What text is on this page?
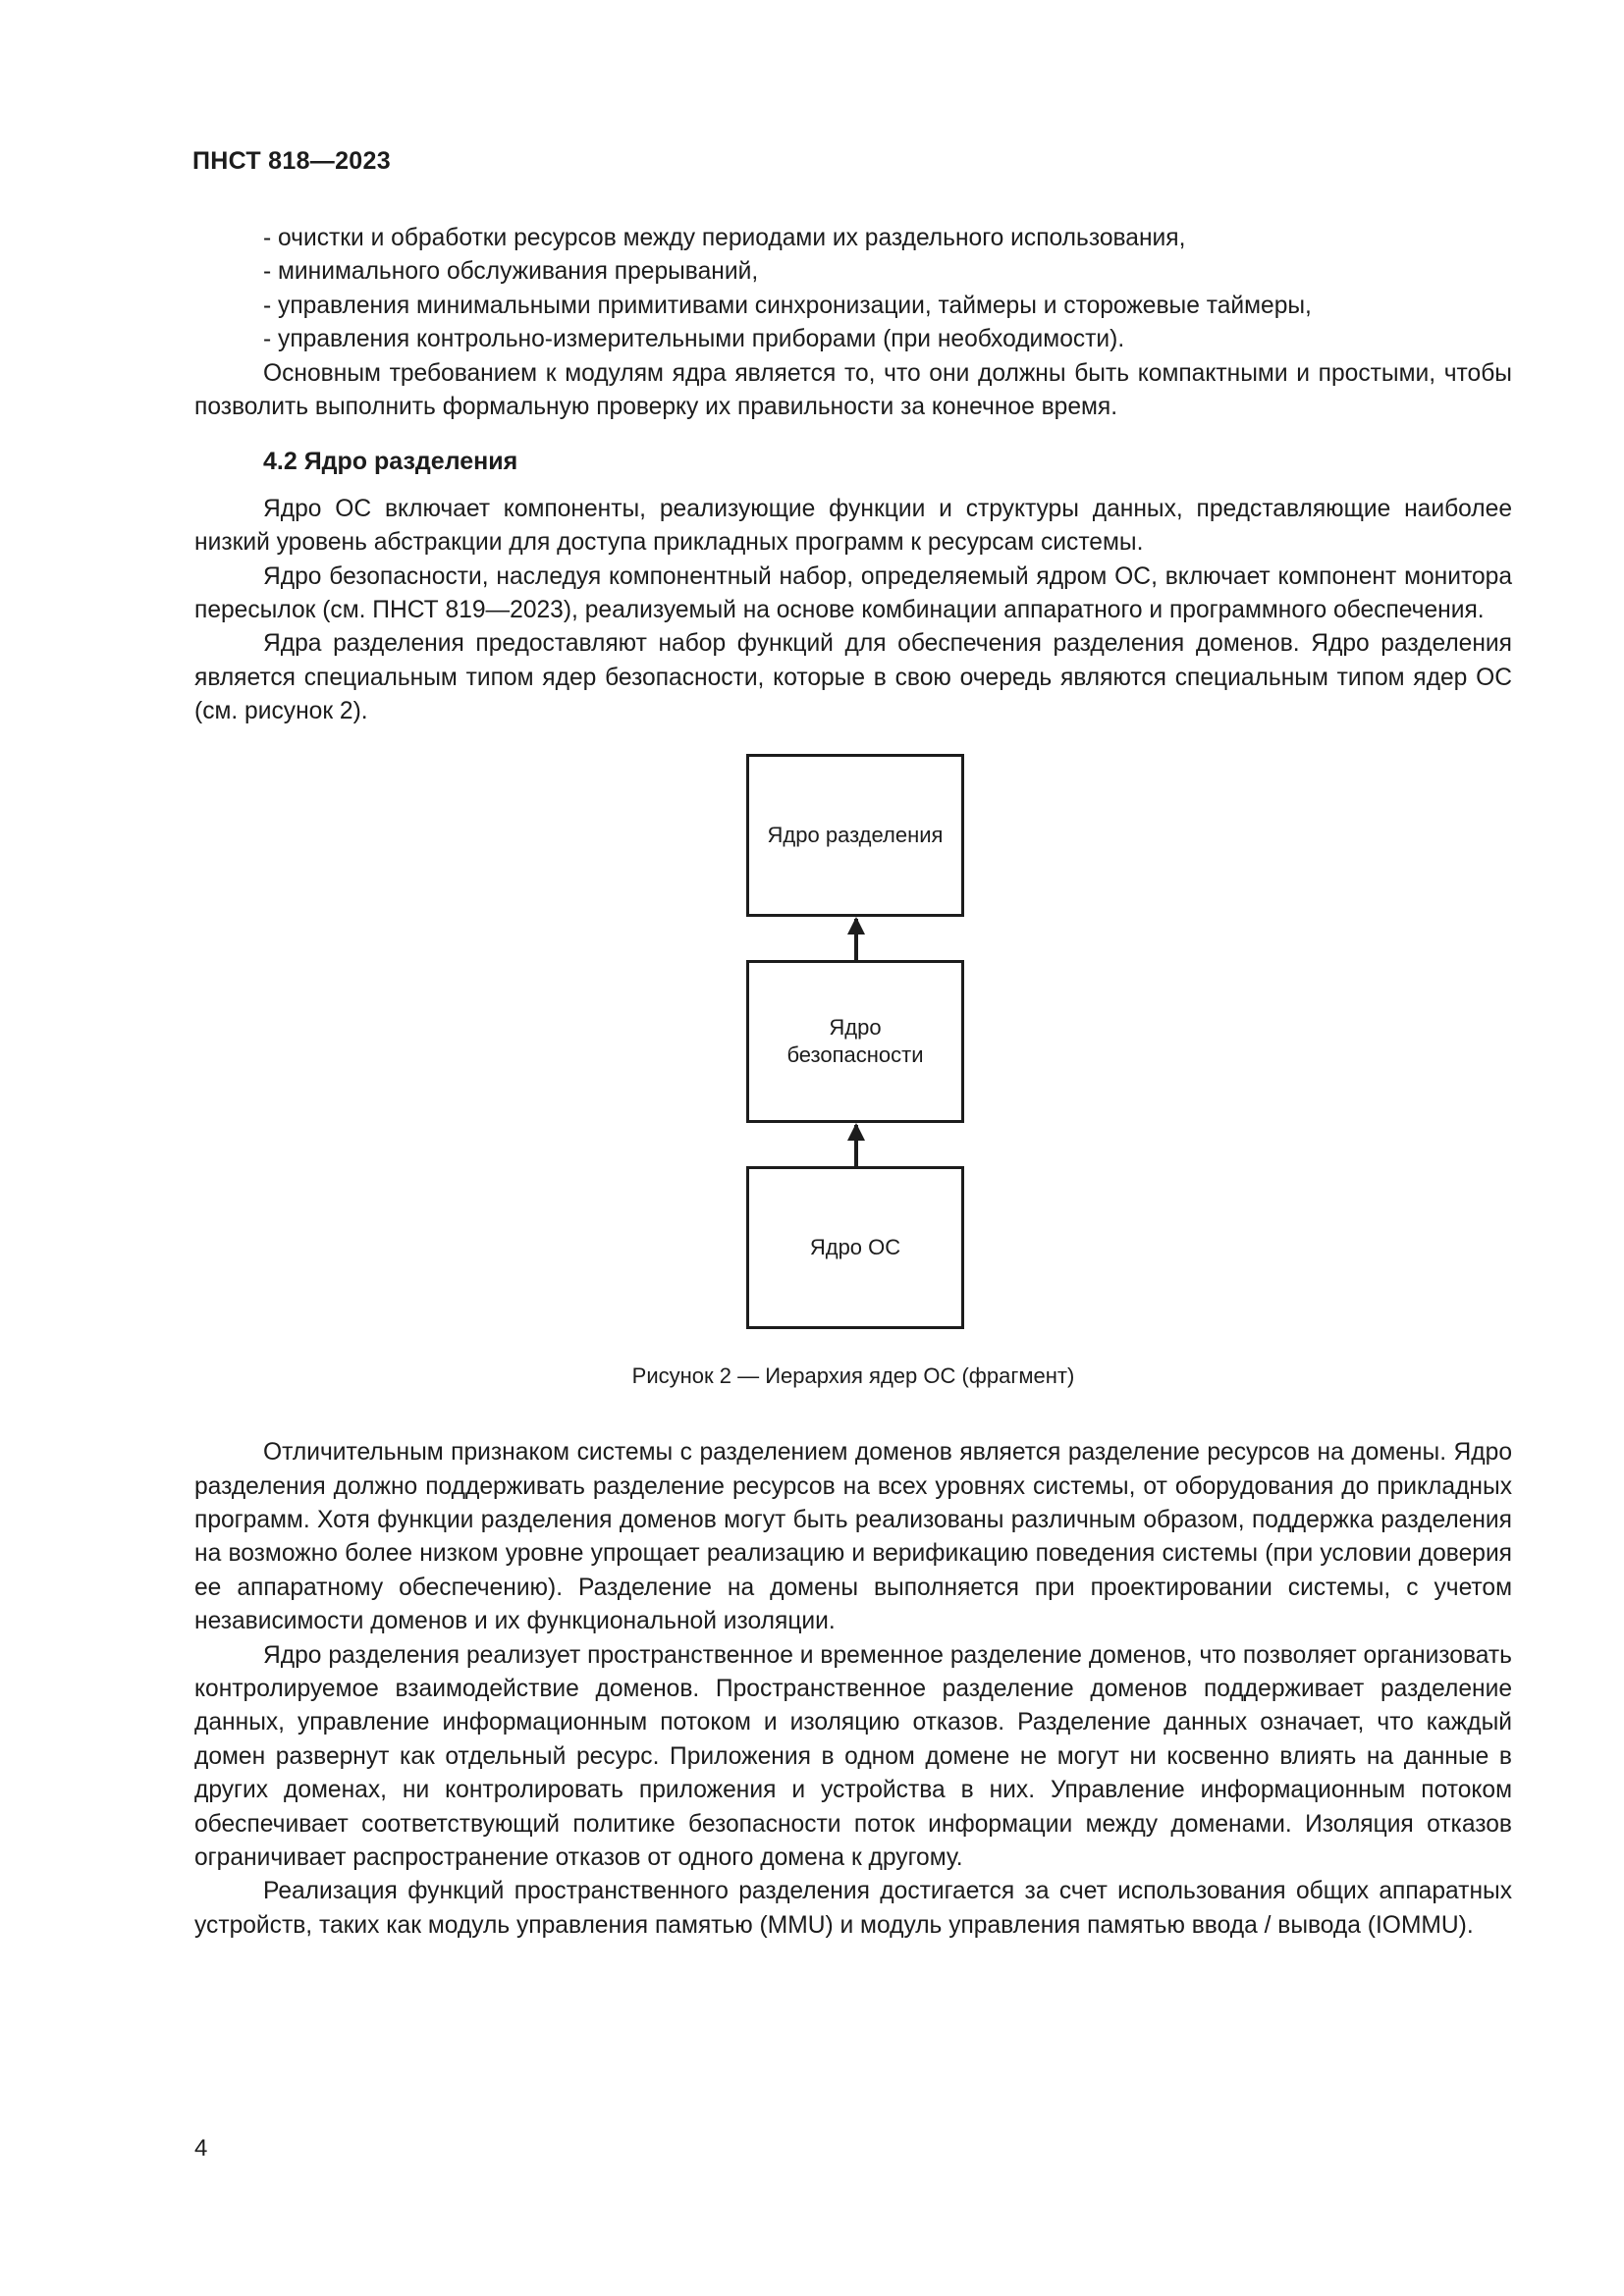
ПНСТ 818—2023

- очистки и обработки ресурсов между периодами их раздельного использования,

- минимального обслуживания прерываний,

- управления минимальными примитивами синхронизации, таймеры и сторожевые таймеры,

- управления контрольно-измерительными приборами (при необходимости).

Основным требованием к модулям ядра является то, что они должны быть компактными и простыми, чтобы позволить выполнить формальную проверку их правильности за конечное время.

4.2 Ядро разделения

Ядро ОС включает компоненты, реализующие функции и структуры данных, представляющие наиболее низкий уровень абстракции для доступа прикладных программ к ресурсам системы.

Ядро безопасности, наследуя компонентный набор, определяемый ядром ОС, включает компонент монитора пересылок (см. ПНСТ 819—2023), реализуемый на основе комбинации аппаратного и программного обеспечения.

Ядра разделения предоставляют набор функций для обеспечения разделения доменов. Ядро разделения является специальным типом ядер безопасности, которые в свою очередь являются специальным типом ядер ОС (см. рисунок 2).

Ядро разделения
Ядро безопасности
Ядро ОС
Рисунок 2 — Иерархия ядер ОС (фрагмент)

Отличительным признаком системы с разделением доменов является разделение ресурсов на домены. Ядро разделения должно поддерживать разделение ресурсов на всех уровнях системы, от оборудования до прикладных программ. Хотя функции разделения доменов могут быть реализованы различным образом, поддержка разделения на возможно более низком уровне упрощает реализацию и верификацию поведения системы (при условии доверия ее аппаратному обеспечению). Разделение на домены выполняется при проектировании системы, с учетом независимости доменов и их функциональной изоляции.

Ядро разделения реализует пространственное и временное разделение доменов, что позволяет организовать контролируемое взаимодействие доменов. Пространственное разделение доменов поддерживает разделение данных, управление информационным потоком и изоляцию отказов. Разделение данных означает, что каждый домен развернут как отдельный ресурс. Приложения в одном домене не могут ни косвенно влиять на данные в других доменах, ни контролировать приложения и устройства в них. Управление информационным потоком обеспечивает соответствующий политике безопасности поток информации между доменами. Изоляция отказов ограничивает распространение отказов от одного домена к другому.

Реализация функций пространственного разделения достигается за счет использования общих аппаратных устройств, таких как модуль управления памятью (MMU) и модуль управления памятью ввода / вывода (IOMMU).

4
